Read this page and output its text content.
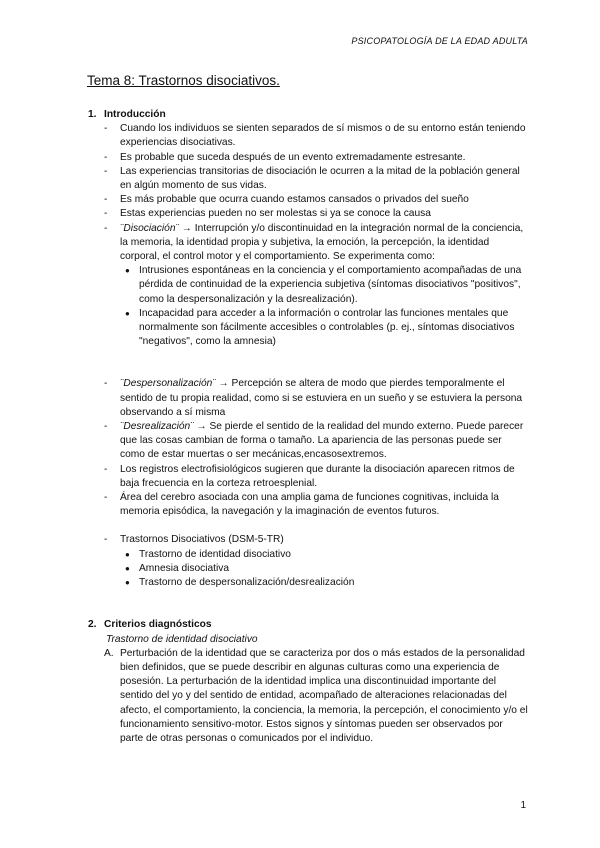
PSICOPATOLOGÍA DE LA EDAD ADULTA
Tema 8: Trastornos disociativos.

1. Introducción

- Cuando los individuos se sienten separados de sí mismos o de su entorno están teniendo experiencias disociativas.
- Es probable que suceda después de un evento extremadamente estresante.
- Las experiencias transitorias de disociación le ocurren a la mitad de la población general en algún momento de sus vidas.
- Es más probable que ocurra cuando estamos cansados o privados del sueño
- Estas experiencias pueden no ser molestas si ya se conoce la causa
- ¨Disociación¨ → Interrupción y/o discontinuidad en la integración normal de la conciencia, la memoria, la identidad propia y subjetiva, la emoción, la percepción, la identidad corporal, el control motor y el comportamiento. Se experimenta como:
● Intrusiones espontáneas en la conciencia y el comportamiento acompañadas de una pérdida de continuidad de la experiencia subjetiva (síntomas disociativos "positivos", como la despersonalización y la desrealización).
● Incapacidad para acceder a la información o controlar las funciones mentales que normalmente son fácilmente accesibles o controlables (p. ej., síntomas disociativos "negativos", como la amnesia)
- ¨Despersonalización¨ → Percepción se altera de modo que pierdes temporalmente el sentido de tu propia realidad, como si se estuviera en un sueño y se estuviera la persona observando a sí misma
- ¨Desrealización¨ → Se pierde el sentido de la realidad del mundo externo. Puede parecer que las cosas cambian de forma o tamaño. La apariencia de las personas puede ser como de estar muertas o ser mecánicas,encasosextremos.
- Los registros electrofisiológicos sugieren que durante la disociación aparecen ritmos de baja frecuencia en la corteza retroesplenial.
- Área del cerebro asociada con una amplia gama de funciones cognitivas, incluida la memoria episódica, la navegación y la imaginación de eventos futuros.
- Trastornos Disociativos (DSM-5-TR)
● Trastorno de identidad disociativo
● Amnesia disociativa
● Trastorno de despersonalización/desrealización

2. Criterios diagnósticos

Trastorno de identidad disociativo
A. Perturbación de la identidad que se caracteriza por dos o más estados de la personalidad bien definidos, que se puede describir en algunas culturas como una experiencia de posesión. La perturbación de la identidad implica una discontinuidad importante del sentido del yo y del sentido de entidad, acompañado de alteraciones relacionadas del afecto, el comportamiento, la conciencia, la memoria, la percepción, el conocimiento y/o el funcionamiento sensitivo-motor. Estos signos y síntomas pueden ser observados por parte de otras personas o comunicados por el individuo.
1
